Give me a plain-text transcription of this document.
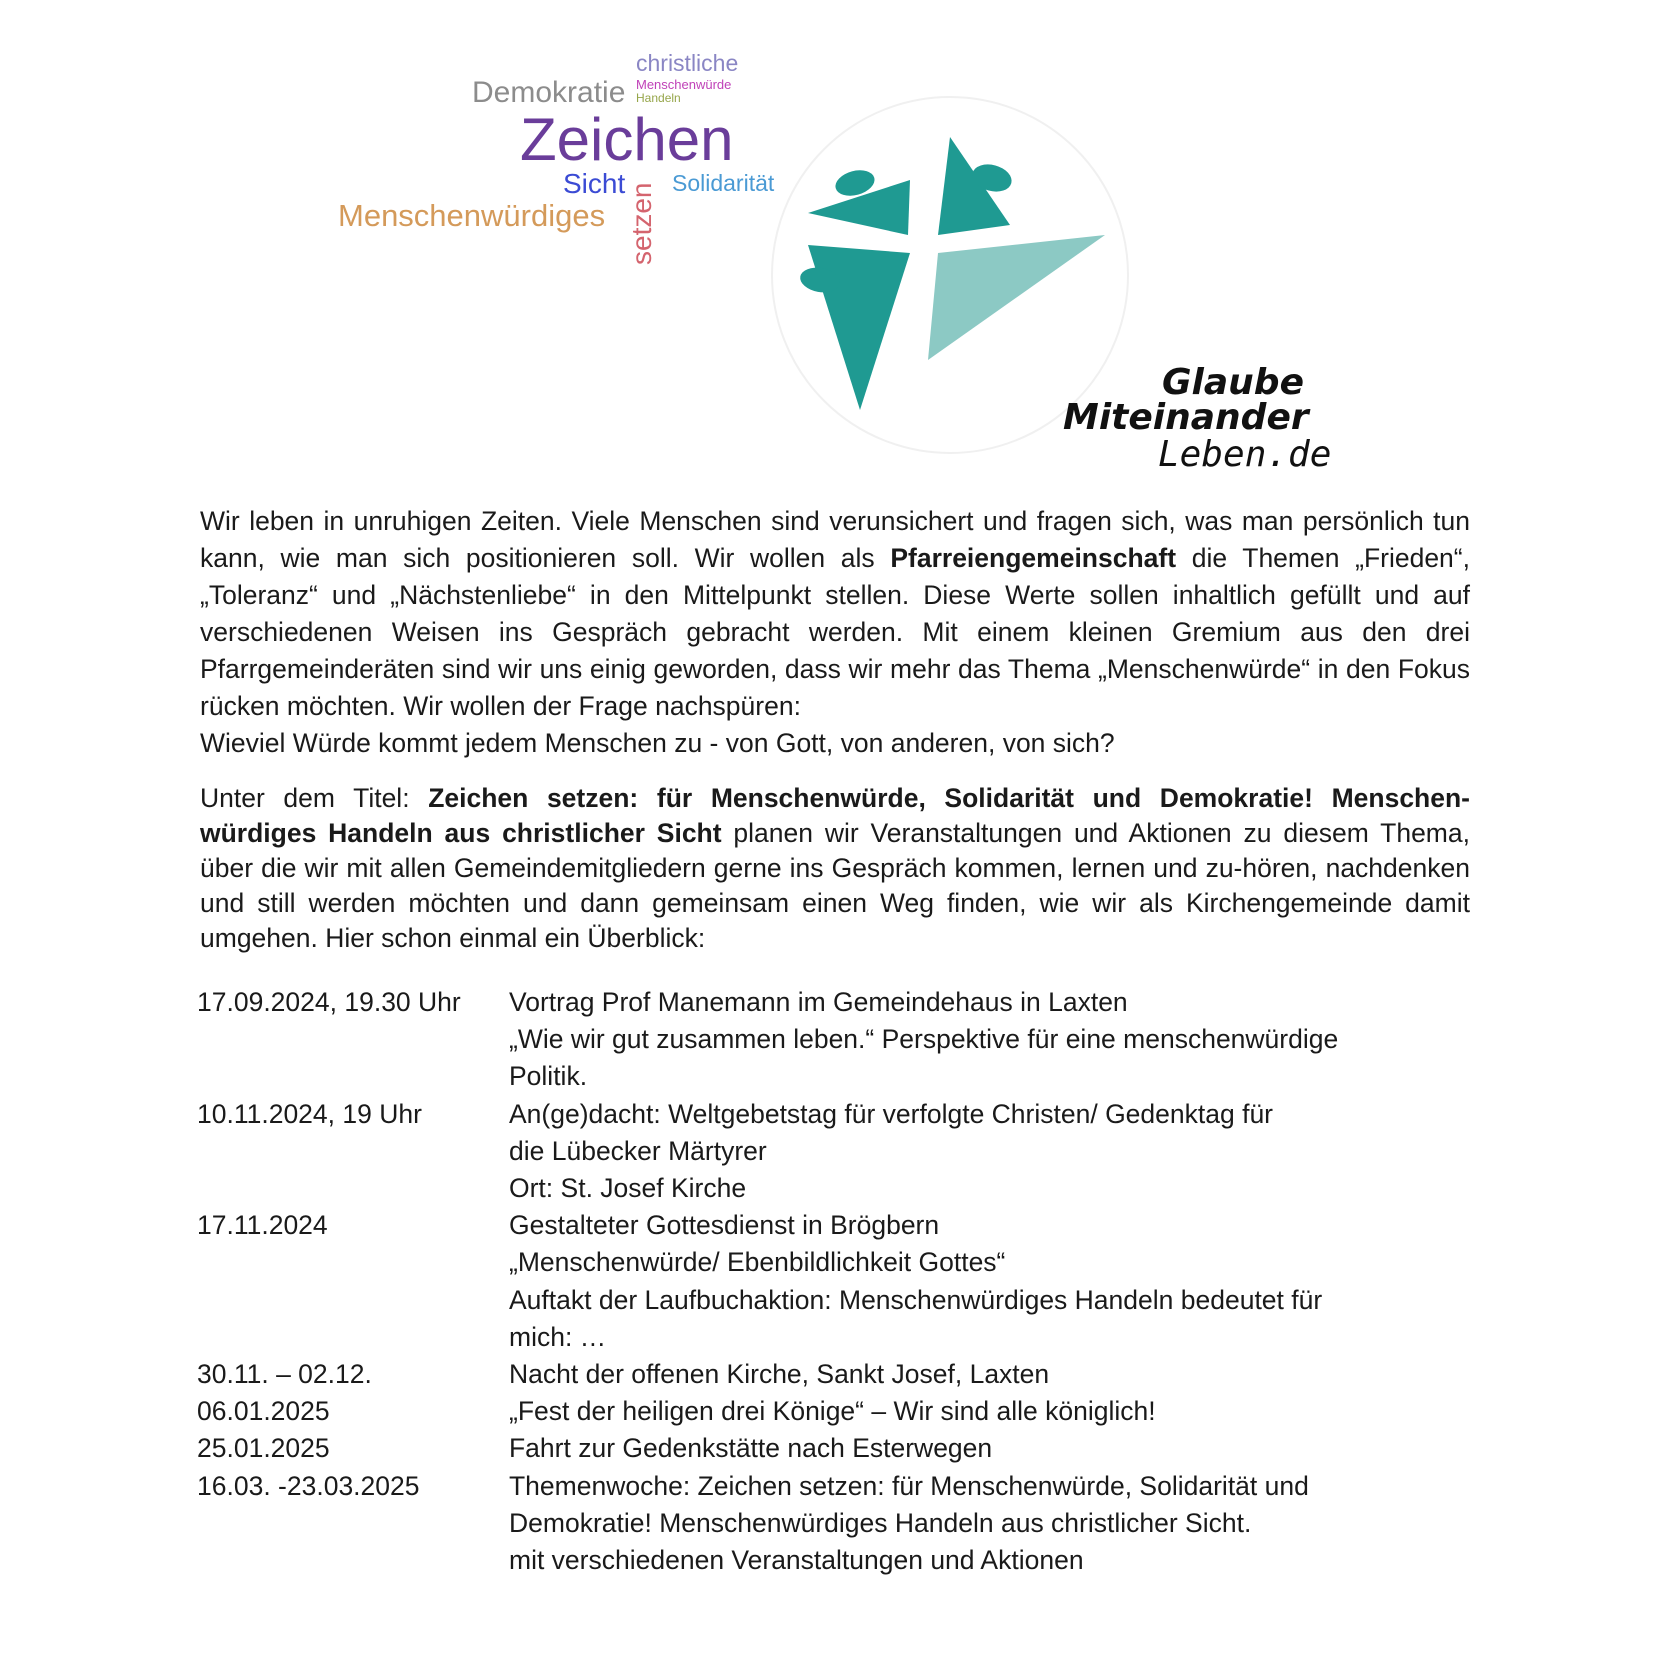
christliche
Menschenwürde
Handeln
Demokratie
Zeichen
Sicht Solidarität
Menschenwürdiges setzen
Glaube
Miteinander
Leben.de
Wir leben in unruhigen Zeiten. Viele Menschen sind verunsichert und fragen sich, was man persönlich tun kann, wie man sich positionieren soll. Wir wollen als Pfarreiengemeinschaft die Themen „Frieden“, „Toleranz“ und „Nächstenliebe“ in den Mittelpunkt stellen. Diese Werte sollen inhaltlich gefüllt und auf verschiedenen Weisen ins Gespräch gebracht werden. Mit einem kleinen Gremium aus den drei Pfarrgemeinderäten sind wir uns einig geworden, dass wir mehr das Thema „Menschenwürde“ in den Fokus rücken möchten. Wir wollen der Frage nachspüren:
Wieviel Würde kommt jedem Menschen zu - von Gott, von anderen, von sich?
Unter dem Titel: Zeichen setzen: für Menschenwürde, Solidarität und Demokratie! Menschen-würdiges Handeln aus christlicher Sicht planen wir Veranstaltungen und Aktionen zu diesem Thema, über die wir mit allen Gemeindemitgliedern gerne ins Gespräch kommen, lernen und zu-hören, nachdenken und still werden möchten und dann gemeinsam einen Weg finden, wie wir als Kirchengemeinde damit umgehen. Hier schon einmal ein Überblick:
17.09.2024, 19.30 Uhr	Vortrag Prof Manemann im Gemeindehaus in Laxten
„Wie wir gut zusammen leben.“ Perspektive für eine menschenwürdige
Politik.
10.11.2024, 19 Uhr	An(ge)dacht: Weltgebetstag für verfolgte Christen/ Gedenktag für
die Lübecker Märtyrer
Ort: St. Josef Kirche
17.11.2024	Gestalteter Gottesdienst in Brögbern
„Menschenwürde/ Ebenbildlichkeit Gottes“
Auftakt der Laufbuchaktion: Menschenwürdiges Handeln bedeutet für
mich: …
30.11. – 02.12.	Nacht der offenen Kirche, Sankt Josef, Laxten
06.01.2025	„Fest der heiligen drei Könige“ – Wir sind alle königlich!
25.01.2025	Fahrt zur Gedenkstätte nach Esterwegen
16.03. -23.03.2025	Themenwoche: Zeichen setzen: für Menschenwürde, Solidarität und
Demokratie! Menschenwürdiges Handeln aus christlicher Sicht.
mit verschiedenen Veranstaltungen und Aktionen
